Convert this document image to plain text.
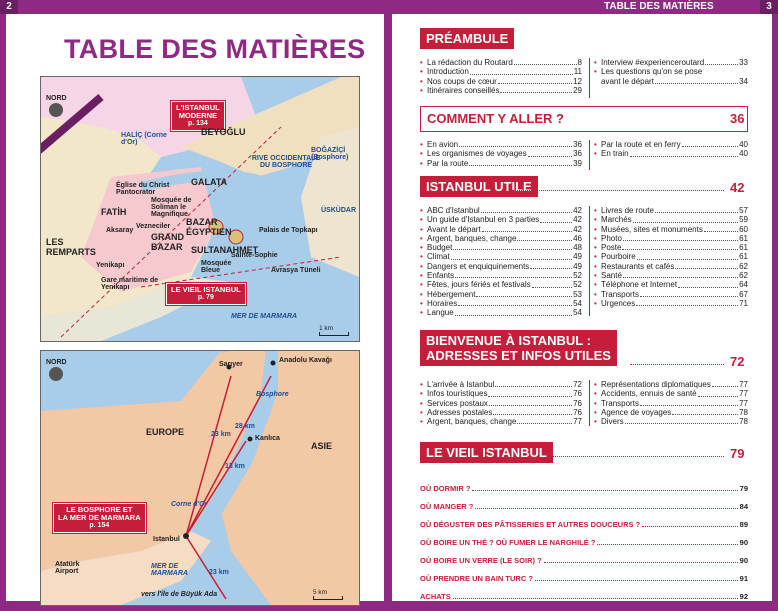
2	3
TABLE DES MATIÈRES
TABLE DES MATIÈRES
NORD
L'ISTANBUL
MODERNE
p. 134
LE VIEIL ISTANBUL
p. 79
BEYOĞLU
GALATA
FATİH
GRAND BAZAR
BAZAR ÉGYPTIEN
SULTANAHMET
LES REMPARTS
RIVE OCCIDENTALE DU BOSPHORE
ÜSKÜDAR
BOĞAZİÇİ (Bosphore)
HALİÇ (Corne d'Or)
MER DE MARMARA
Palais de Topkapı
Sainte-Sophie
Mosquée Bleue
Mosquée de Soliman le Magnifique
Église du Christ Pantocrator
Gare maritime de Yenikapı
Yenikapı
Aksaray
Vezneciler
Avrasya Tüneli
1 km
NORD
EUROPE
ASIE
LE BOSPHORE ET
LA MER DE MARMARA
p. 154
Sarıyer
Anadolu Kavağı
Kanlıca
Istanbul
Atatürk Airport
MER DE MARMARA
Corne d'Or
Bosphore
vers l'île de Büyük Ada
23 km
28 km
13 km
23 km
5 km
PRÉAMBULE
• La rédaction du Routard	8
• Introduction	11
• Nos coups de cœur	12
• Itinéraires conseillés	29
• Interview #experienceroutard	33
• Les questions qu'on se pose
avant le départ	34
COMMENT Y ALLER ?	36
• En avion	36
• Les organismes de voyages	36
• Par la route	39
• Par la route et en ferry	40
• En train	40
ISTANBUL UTILE	42
• ABC d'Istanbul	42
• Un guide d'Istanbul en 3 parties	42
• Avant le départ	42
• Argent, banques, change	46
• Budget	48
• Climat	49
• Dangers et enquiquinements	49
• Enfants	52
• Fêtes, jours fériés et festivals	52
• Hébergement	53
• Horaires	54
• Langue	54
• Livres de route	57
• Marchés	59
• Musées, sites et monuments	60
• Photo	61
• Poste	61
• Pourboire	61
• Restaurants et cafés	62
• Santé	62
• Téléphone et Internet	64
• Transports	67
• Urgences	71
BIENVENUE À ISTANBUL :
ADRESSES ET INFOS UTILES	72
• L'arrivée à Istanbul	72
• Infos touristiques	76
• Services postaux	76
• Adresses postales	76
• Argent, banques, change	77
• Représentations diplomatiques	77
• Accidents, ennuis de santé	77
• Transports	77
• Agence de voyages	78
• Divers	78
LE VIEIL ISTANBUL	79
OÙ DORMIR ?	79
OÙ MANGER ?	84
OÙ DÉGUSTER DES PÂTISSERIES ET AUTRES DOUCEURS ?	89
OÙ BOIRE UN THÉ ? OÙ FUMER LE NARGHILÉ ?	90
OÙ BOIRE UN VERRE (LE SOIR) ?	90
OÙ PRENDRE UN BAIN TURC ?	91
ACHATS	92
